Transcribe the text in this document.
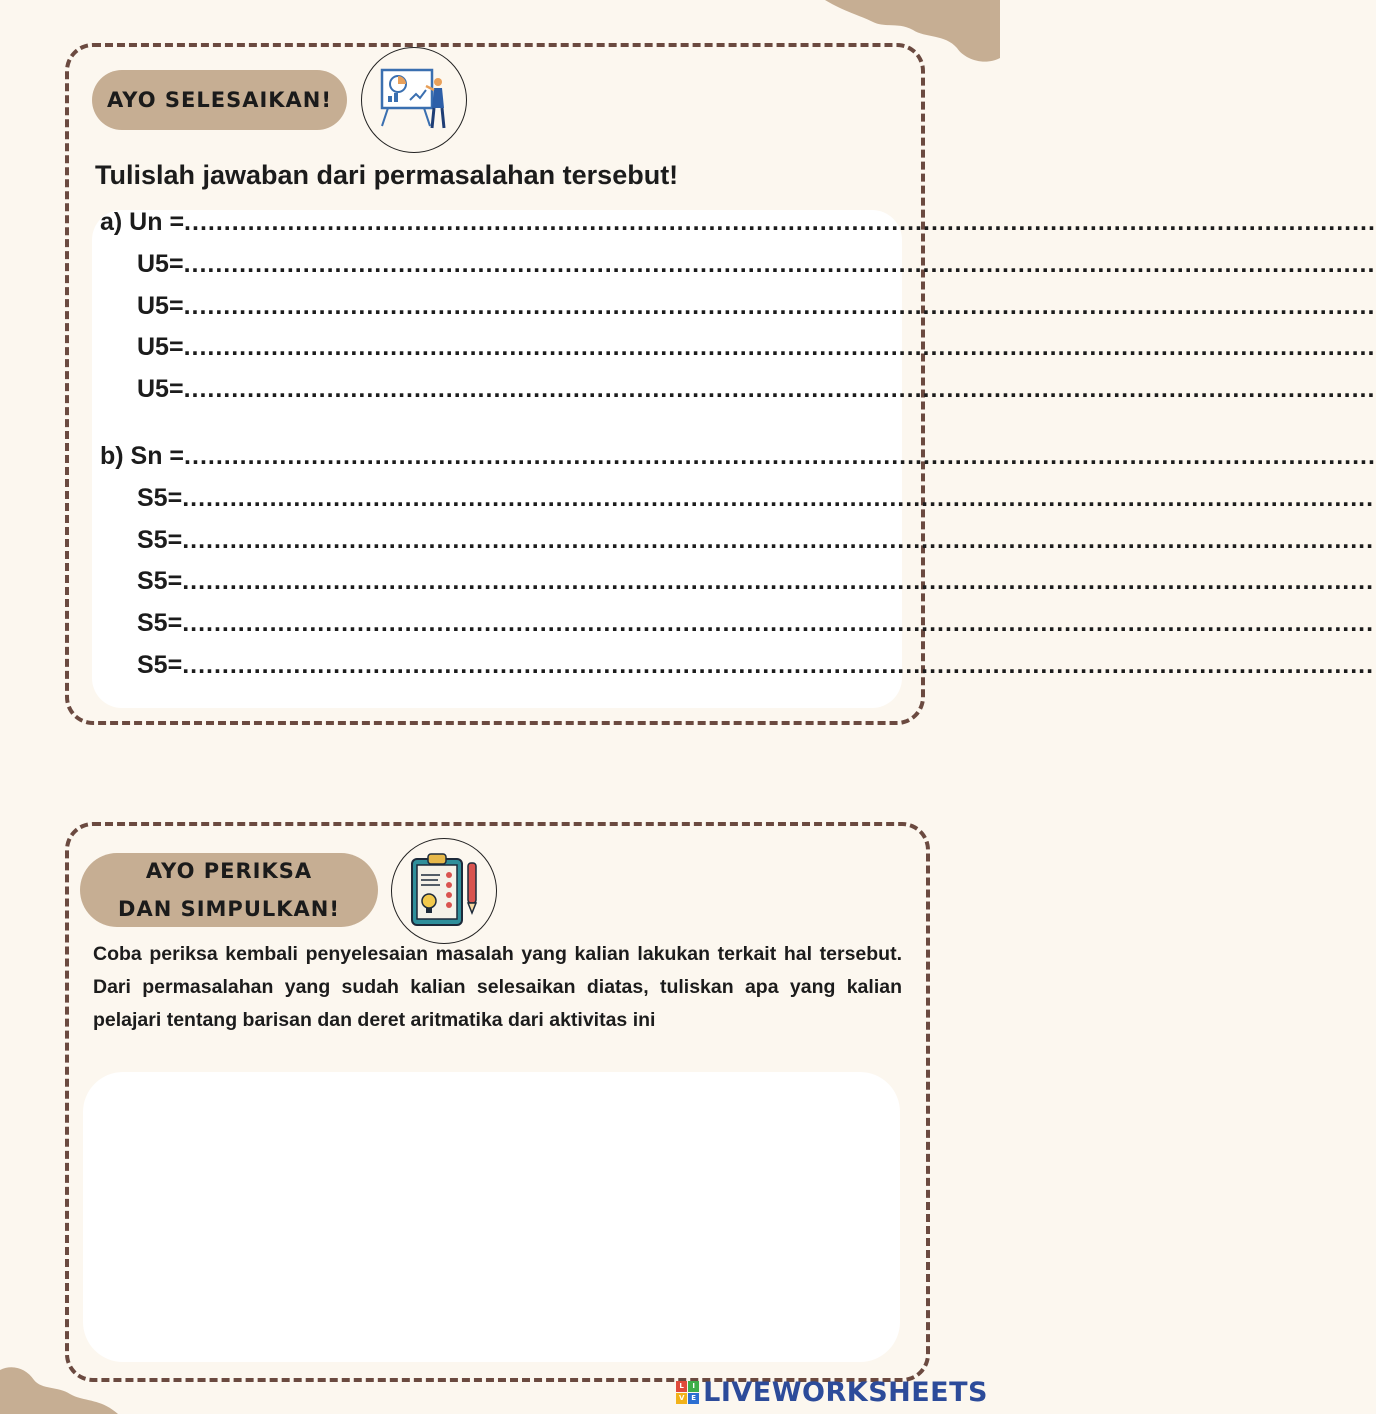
AYO SELESAIKAN!
Tulislah jawaban dari permasalahan tersebut!
a) Un = ......................................................................................................................................................
U5= ......................................................................................................................................................
U5= ......................................................................................................................................................
U5= ......................................................................................................................................................
U5= ......................................................................................................................................................
b) Sn = ......................................................................................................................................................
S5= ......................................................................................................................................................
S5= ......................................................................................................................................................
S5= ......................................................................................................................................................
S5= ......................................................................................................................................................
S5= ......................................................................................................................................................
AYO PERIKSA
DAN SIMPULKAN!
Coba periksa kembali penyelesaian masalah yang kalian lakukan terkait hal tersebut. Dari permasalahan yang sudah kalian selesaikan diatas, tuliskan apa yang kalian pelajari tentang barisan dan deret aritmatika dari aktivitas ini
L	I
V E LIVEWORKSHEETS
